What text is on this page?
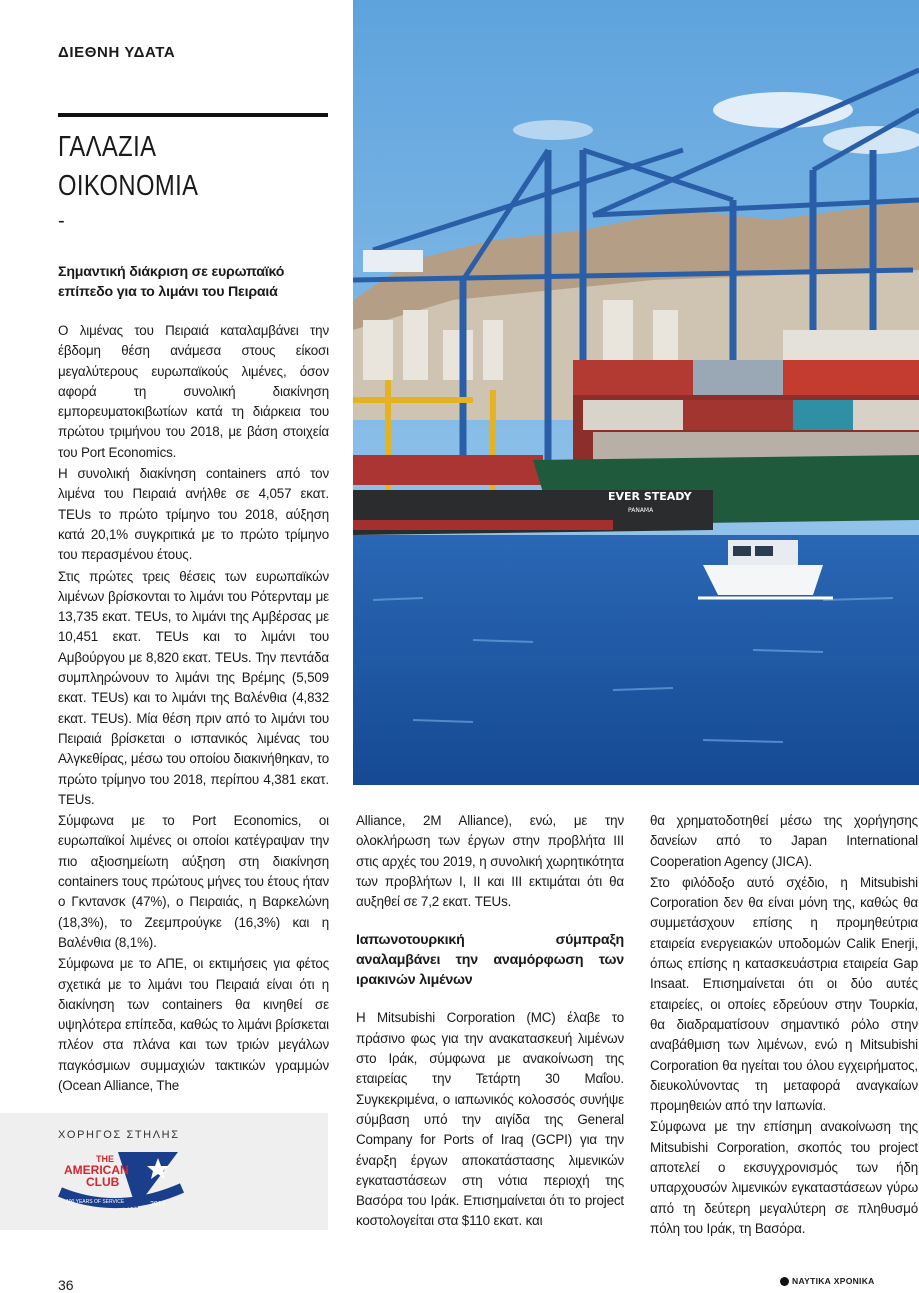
ΔΙΕΘΝΗ ΥΔΑΤΑ
ΓΑΛΑΖΙΑ
ΟΙΚΟΝΟΜΙΑ
-
Σημαντική διάκριση σε ευρωπαϊκό επίπεδο για το λιμάνι του Πειραιά

Ο λιμένας του Πειραιά καταλαμβάνει την έβδομη θέση ανάμεσα στους είκοσι μεγαλύτερους ευρωπαϊκούς λιμένες, όσον αφορά τη συνολική διακίνηση εμπορευματοκιβωτίων κατά τη διάρκεια του πρώτου τριμήνου του 2018, με βάση στοιχεία του Port Economics.

Η συνολική διακίνηση containers από τον λιμένα του Πειραιά ανήλθε σε 4,057 εκατ. TEUs το πρώτο τρίμηνο του 2018, αύξηση κατά 20,1% συγκριτικά με το πρώτο τρίμηνο του περασμένου έτους.

Στις πρώτες τρεις θέσεις των ευρωπαϊκών λιμένων βρίσκονται το λιμάνι του Ρότερνταμ με 13,735 εκατ. TEUs, το λιμάνι της Αμβέρσας με 10,451 εκατ. TEUs και το λιμάνι του Αμβούργου με 8,820 εκατ. TEUs. Την πεντάδα συμπληρώνουν το λιμάνι της Βρέμης (5,509 εκατ. TEUs) και το λιμάνι της Βαλένθια (4,832 εκατ. TEUs). Μία θέση πριν από το λιμάνι του Πειραιά βρίσκεται ο ισπανικός λιμένας του Αλγκεθίρας, μέσω του οποίου διακινήθηκαν, το πρώτο τρίμηνο του 2018, περίπου 4,381 εκατ. TEUs.

Σύμφωνα με το Port Economics, οι ευρωπαϊκοί λιμένες οι οποίοι κατέγραψαν την πιο αξιοσημείωτη αύξηση στη διακίνηση containers τους πρώτους μήνες του έτους ήταν ο Γκντανσκ (47%), ο Πειραιάς, η Βαρκελώνη (18,3%), το Ζεεμπρούγκε (16,3%) και η Βαλένθια (8,1%).

Σύμφωνα με το ΑΠΕ, οι εκτιμήσεις για φέτος σχετικά με το λιμάνι του Πειραιά είναι ότι η διακίνηση των containers θα κινηθεί σε υψηλότερα επίπεδα, καθώς το λιμάνι βρίσκεται πλέον στα πλάνα και των τριών μεγάλων παγκόσμιων συμμαχιών τακτικών γραμμών (Ocean Alliance, The

EVER STEADY
PANAMA

Alliance, 2M Alliance), ενώ, με την ολοκλήρωση των έργων στην προβλήτα ΙΙΙ στις αρχές του 2019, η συνολική χωρητικότητα των προβλήτων Ι, ΙΙ και ΙΙΙ εκτιμάται ότι θα αυξηθεί σε 7,2 εκατ. TEUs.

Ιαπωνοτουρκική σύμπραξη αναλαμβάνει την αναμόρφωση των ιρακινών λιμένων

Η Mitsubishi Corporation (MC) έλαβε το πράσινο φως για την ανακατασκευή λιμένων στο Ιράκ, σύμφωνα με ανακοίνωση της εταιρείας την Τετάρτη 30 Μαΐου. Συγκεκριμένα, ο ιαπωνικός κολοσσός συνήψε σύμβαση υπό την αιγίδα της General Company for Ports of Iraq (GCPI) για την έναρξη έργων αποκατάστασης λιμενικών εγκαταστάσεων στη νότια περιοχή της Βασόρα του Ιράκ. Επισημαίνεται ότι το project κοστολογείται στα $110 εκατ. και

θα χρηματοδοτηθεί μέσω της χορήγησης δανείων από το Japan International Cooperation Agency (JICA).

Στο φιλόδοξο αυτό σχέδιο, η Mitsubishi Corporation δεν θα είναι μόνη της, καθώς θα συμμετάσχουν επίσης η προμηθεύτρια εταιρεία ενεργειακών υποδομών Calik Enerji, όπως επίσης η κατασκευάστρια εταιρεία Gap Insaat. Επισημαίνεται ότι οι δύο αυτές εταιρείες, οι οποίες εδρεύουν στην Τουρκία, θα διαδραματίσουν σημαντικό ρόλο στην αναβάθμιση των λιμένων, ενώ η Mitsubishi Corporation θα ηγείται του όλου εγχειρήματος, διευκολύνοντας τη μεταφορά αναγκαίων προμηθειών από την Ιαπωνία.

Σύμφωνα με την επίσημη ανακοίνωση της Mitsubishi Corporation, σκοπός του project αποτελεί ο εκσυγχρονισμός των ήδη υπαρχουσών λιμενικών εγκαταστάσεων γύρω από τη δεύτερη μεγαλύτερη σε πληθυσμό πόλη του Ιράκ, τη Βασόρα.

ΧΟΡΗΓΟΣ ΣΤΗΛΗΣ
THE
AMERICAN
CLUB
100 YEARS OF SERVICE
1917 2017
36	ΝΑΥΤΙΚΑ ΧΡΟΝΙΚΑ
